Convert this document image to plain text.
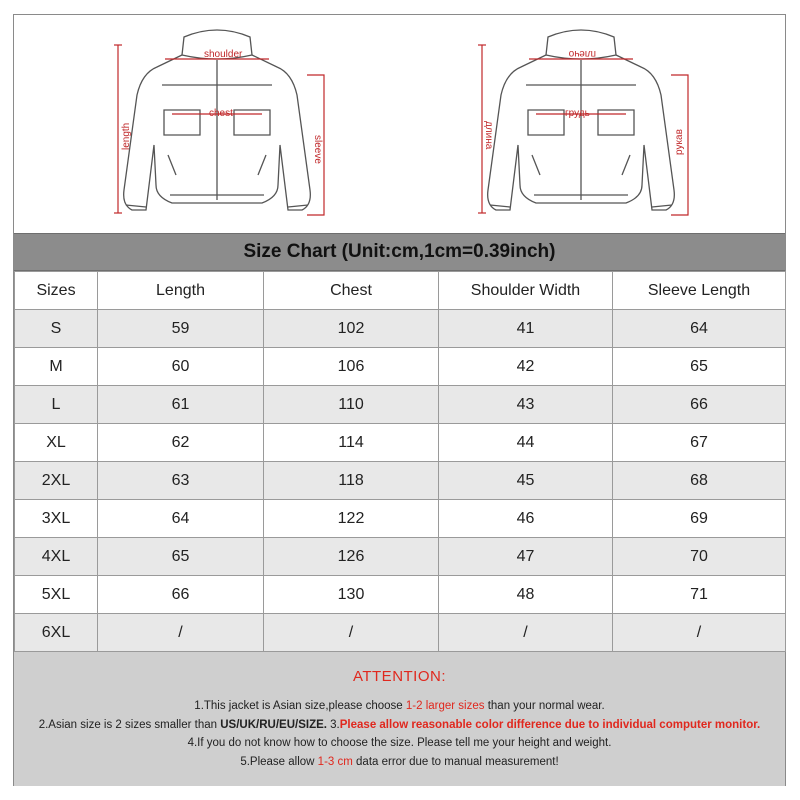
shoulder
chest
length	sleeve
плечо
грудь
длина	рукав
Size Chart (Unit:cm,1cm=0.39inch)
Sizes	Length	Chest	Shoulder Width	Sleeve Length
S	59	102	41	64
M	60	106	42	65
L	61	110	43	66
XL	62	114	44	67
2XL	63	118	45	68
3XL	64	122	46	69
4XL	65	126	47	70
5XL	66	130	48	71
6XL	/	/	/	/
ATTENTION:
1.This jacket is Asian size,please choose 1-2 larger sizes than your normal wear.
2.Asian size is 2 sizes smaller than US/UK/RU/EU/SIZE. 3.Please allow reasonable color difference due to individual computer monitor.
4.If you do not know how to choose the size. Please tell me your height and weight.
5.Please allow 1-3 cm data error due to manual measurement!
